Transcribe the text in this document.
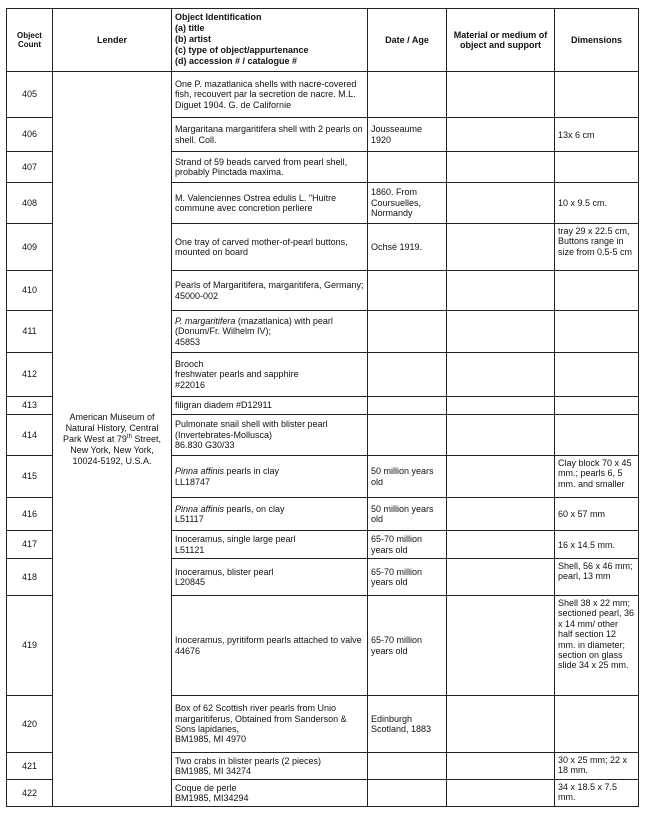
Object Count	Lender	Object Identification
(a) title
(b) artist
(c) type of object/appurtenance
(d) accession # / catalogue #	Date / Age	Material or medium of object and support	Dimensions
405	American Museum of Natural History, Central Park West at 79th Street, New York, New York, 10024-5192, U.S.A.	One P. mazatlanica shells with nacre-covered fish, recouvert par la secretion de nacre. M.L. Diguet 1904. G. de Californie			

406		Margaritana margaritifera shell with 2 pearls on shell. Coll.	Jousseaume 1920		13x 6 cm
407		Strand of 59 beads carved from pearl shell, probably Pinctada maxima.			

408		M. Valenciennes Ostrea edulis L. "Huitre commune avec concretion perliere	1860. From Coursuelles, Normandy		10 x 9.5 cm.
409		One tray of carved mother-of-pearl buttons, mounted on board	Ochsé 1919.		tray 29 x 22.5 cm, Buttons range in size from 0.5-5 cm
410		Pearls of Margaritifera, margaritifera, Germany;
45000-002			

411		P. margaritifera (mazatlanica) with pearl (Donum/Fr. Wilhelm IV);
45853			

412		Brooch
freshwater pearls and sapphire
#22016			

413		filigran diadem #D12911			

414		Pulmonate snail shell with blister pearl (Invertebrates-Mollusca)
86.830 G30/33			

415		Pinna affinis pearls in clay
LL18747	50 million years old		Clay block 70 x 45 mm.; pearls 6, 5 mm. and smaller
416		Pinna affinis pearls, on clay
L51117	50 million years old		60 x 57 mm
417		Inoceramus, single large pearl
L51121	65-70 million years old		16 x 14.5 mm.
418		Inoceramus, blister pearl
L20845	65-70 million years old		Shell, 56 x 46 mm; pearl, 13 mm
419		Inoceramus, pyritiform pearls attached to valve
44676	65-70 million years old		Shell 38 x 22 mm; sectioned pearl, 36 x 14 mm/ other half section 12 mm. in diameter; section on glass slide 34 x 25 mm.
420		Box of 62 Scottish river pearls from Unio margaritiferus, Obtained from Sanderson & Sons lapidaries,
BM1985, MI 4970	Edinburgh Scotland, 1883		
421		Two crabs in blister pearls (2 pieces)
BM1985, MI 34274			30 x 25 mm; 22 x 18 mm.
422		Coque de perle
BM1985, MI34294			34 x 18.5 x 7.5 mm.
